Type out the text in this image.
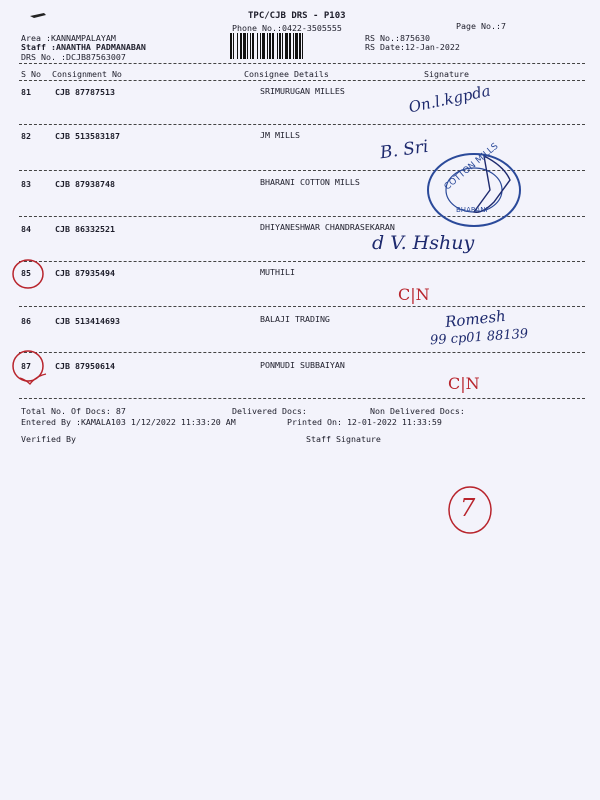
TPC/CJB DRS - P103
Phone No.:0422-3505555	Page No.:7
Area :KANNAMPALAYAM
Staff :ANANTHA PADMANABAN
DRS No. :DCJB87563007
RS No.:875630
RS Date:12-Jan-2022
S No Consignment No	Consignee Details	Signature
81	CJB 87787513	SRIMURUGAN MILLES
82	CJB 513583187	JM MILLS
83	CJB 87938748	BHARANI COTTON MILLS
84	CJB 86332521	DHIYANESHWAR CHANDRASEKARAN
85	CJB 87935494	MUTHILI
86	CJB 513414693	BALAJI TRADING
87	CJB 87950614	PONMUDI SUBBAIYAN
Total No. Of Docs: 87	Delivered Docs:	Non Delivered Docs:
Entered By :KAMALA103 1/12/2022 11:33:20 AM	Printed On: 12-01-2022 11:33:59
Verified By	Staff Signature
On.l.kgpda
B. Sri
d V. Hshuy
C|N
Romesh
99 cp01 88139
C|N
COTTON MILLS
BHARANI
7
